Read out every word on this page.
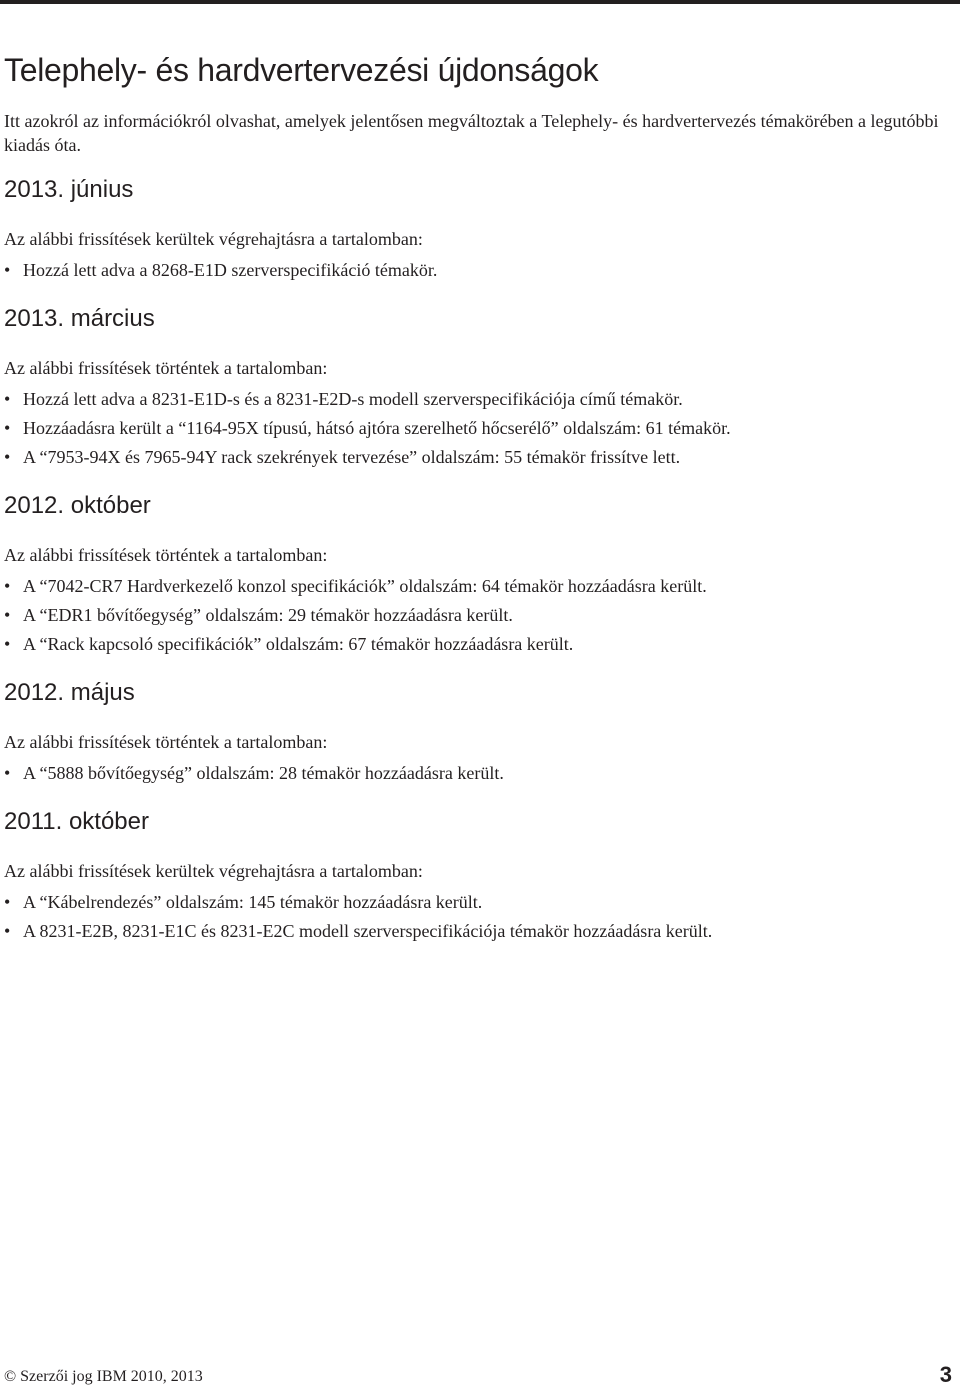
Telephely- és hardvertervezési újdonságok

Itt azokról az információkról olvashat, amelyek jelentősen megváltoztak a Telephely- és hardvertervezés témakörében a legutóbbi kiadás óta.

2013. június

Az alábbi frissítések kerültek végrehajtásra a tartalomban:

• Hozzá lett adva a 8268-E1D szerverspecifikáció témakör.
2013. március

Az alábbi frissítések történtek a tartalomban:

• Hozzá lett adva a 8231-E1D-s és a 8231-E2D-s modell szerverspecifikációja című témakör.
• Hozzáadásra került a “1164-95X típusú, hátsó ajtóra szerelhető hőcserélő” oldalszám: 61 témakör.
• A “7953-94X és 7965-94Y rack szekrények tervezése” oldalszám: 55 témakör frissítve lett.
2012. október

Az alábbi frissítések történtek a tartalomban:

• A “7042-CR7 Hardverkezelő konzol specifikációk” oldalszám: 64 témakör hozzáadásra került.
• A “EDR1 bővítőegység” oldalszám: 29 témakör hozzáadásra került.
• A “Rack kapcsoló specifikációk” oldalszám: 67 témakör hozzáadásra került.
2012. május

Az alábbi frissítések történtek a tartalomban:

• A “5888 bővítőegység” oldalszám: 28 témakör hozzáadásra került.
2011. október

Az alábbi frissítések kerültek végrehajtásra a tartalomban:

• A “Kábelrendezés” oldalszám: 145 témakör hozzáadásra került.
• A 8231-E2B, 8231-E1C és 8231-E2C modell szerverspecifikációja témakör hozzáadásra került.
© Szerzői jog IBM 2010, 2013	3
